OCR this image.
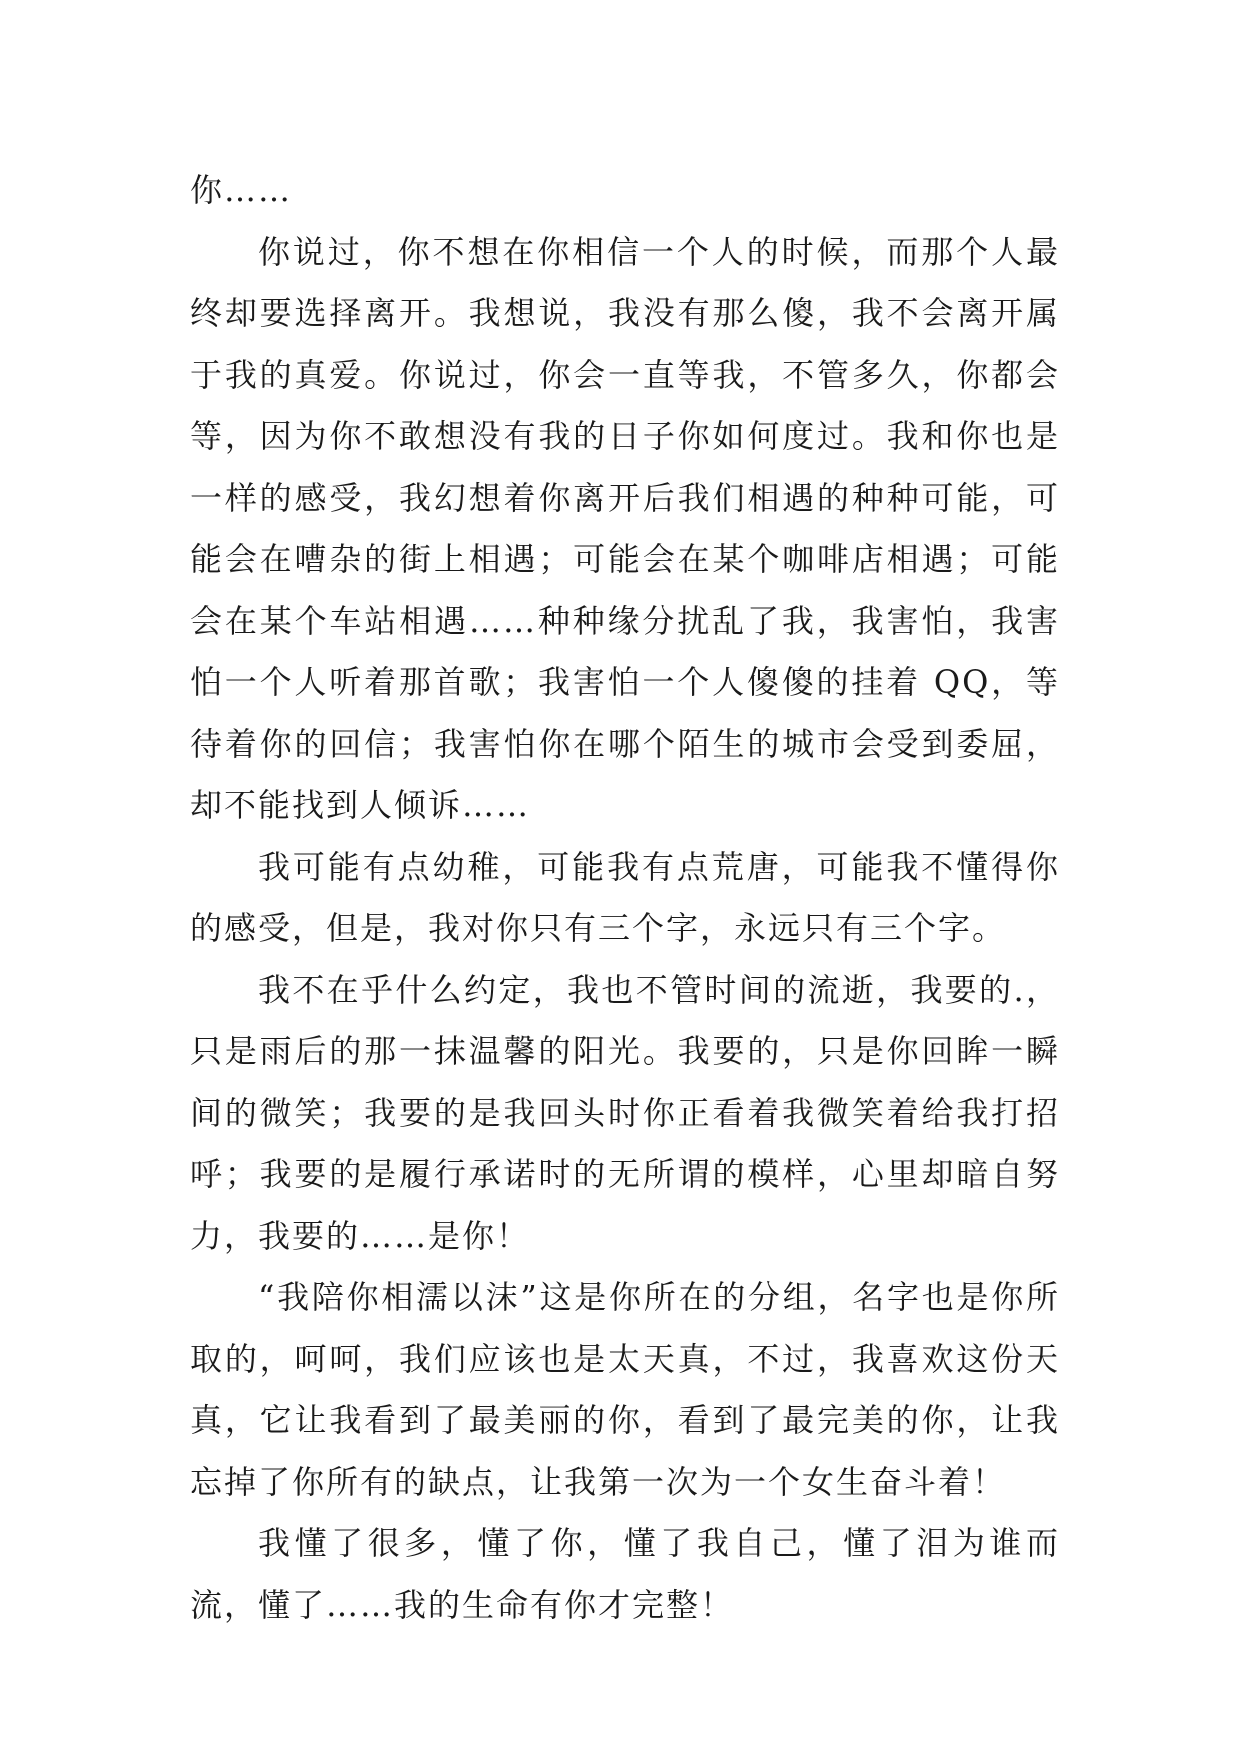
你……

你说过，你不想在你相信一个人的时候，而那个人最终却要选择离开。我想说，我没有那么傻，我不会离开属于我的真爱。你说过，你会一直等我，不管多久，你都会等，因为你不敢想没有我的日子你如何度过。我和你也是一样的感受，我幻想着你离开后我们相遇的种种可能，可能会在嘈杂的街上相遇；可能会在某个咖啡店相遇；可能会在某个车站相遇……种种缘分扰乱了我，我害怕，我害怕一个人听着那首歌；我害怕一个人傻傻的挂着 QQ，等待着你的回信；我害怕你在哪个陌生的城市会受到委屈，却不能找到人倾诉……

我可能有点幼稚，可能我有点荒唐，可能我不懂得你的感受，但是，我对你只有三个字，永远只有三个字。

我不在乎什么约定，我也不管时间的流逝，我要的.，只是雨后的那一抹温馨的阳光。我要的，只是你回眸一瞬间的微笑；我要的是我回头时你正看着我微笑着给我打招呼；我要的是履行承诺时的无所谓的模样，心里却暗自努力，我要的……是你！

“我陪你相濡以沫”这是你所在的分组，名字也是你所取的，呵呵，我们应该也是太天真，不过，我喜欢这份天真，它让我看到了最美丽的你，看到了最完美的你，让我忘掉了你所有的缺点，让我第一次为一个女生奋斗着！

我懂了很多，懂了你，懂了我自己，懂了泪为谁而流，懂了……我的生命有你才完整！
